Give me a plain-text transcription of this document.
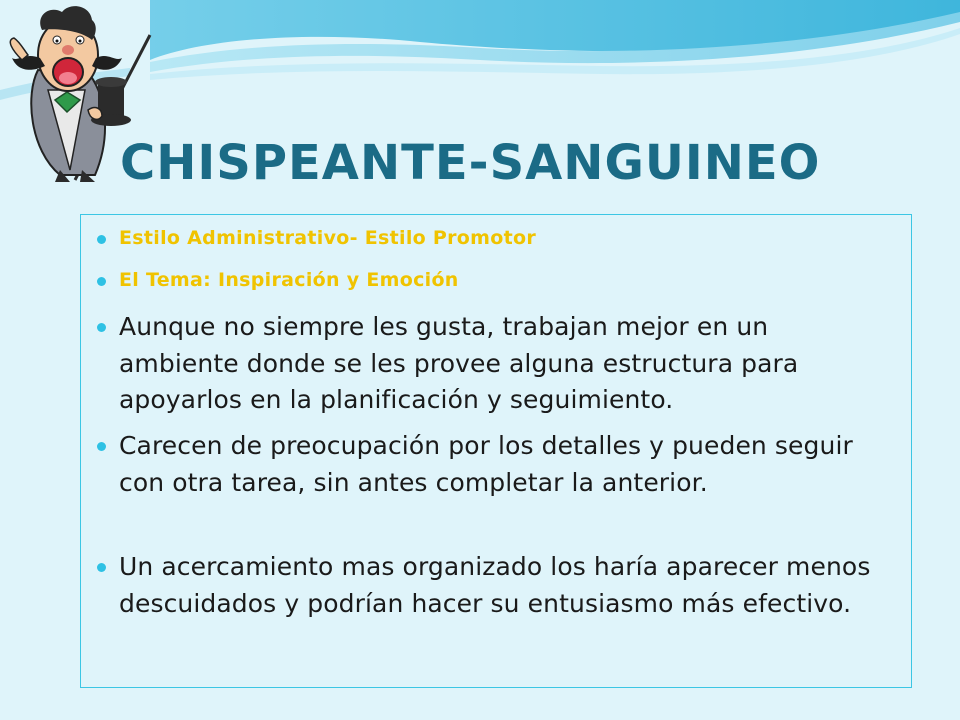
CHISPEANTE-SANGUINEO

Estilo Administrativo- Estilo Promotor

El Tema: Inspiración y Emoción

Aunque no siempre les gusta, trabajan mejor en un ambiente donde se les provee alguna estructura para apoyarlos en la planificación y seguimiento.

Carecen de preocupación por los detalles y pueden seguir con otra tarea, sin antes completar la anterior.

Un acercamiento mas organizado los haría aparecer menos descuidados y podrían hacer su entusiasmo más efectivo.
